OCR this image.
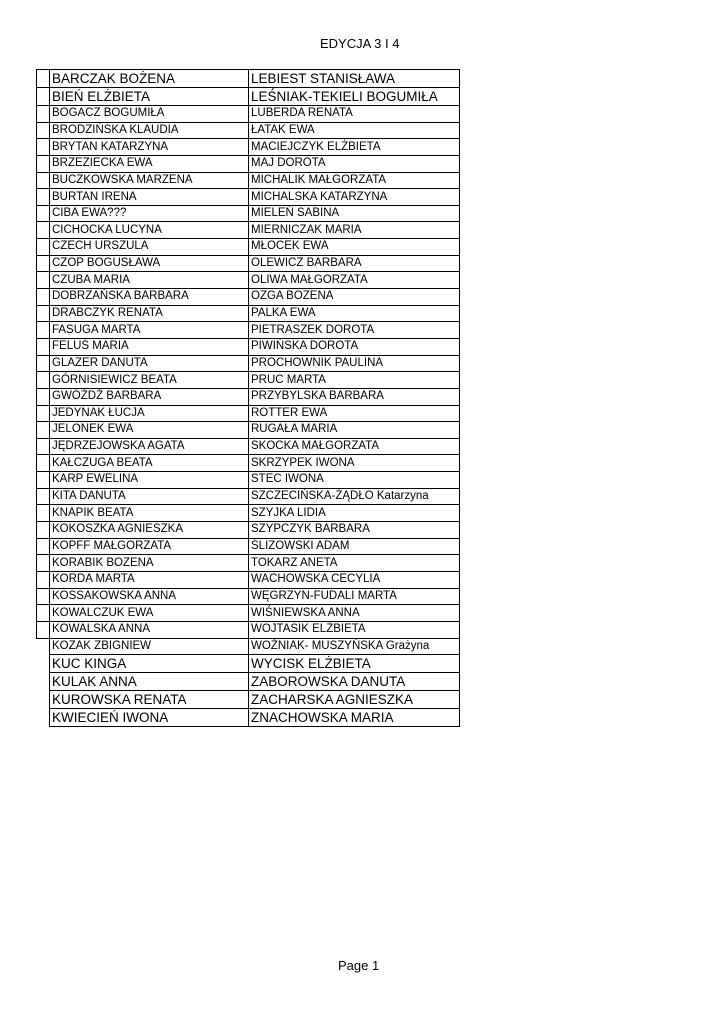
EDYCJA 3 I 4
	BARCZAK BOŻENA	LEBIEST STANISŁAWA
	BIEŃ ELŻBIETA	LEŚNIAK-TEKIELI BOGUMIŁA
	BOGACZ BOGUMIŁA	LUBERDA RENATA
	BRODZIŃSKA KLAUDIA	ŁATAK EWA
	BRYTAN KATARZYNA	MACIEJCZYK ELŻBIETA
	BRZEZIECKA EWA	MAJ DOROTA
	BUCZKOWSKA MARZENA	MICHALIK MAŁGORZATA
	BURTAN IRENA	MICHALSKA KATARZYNA
	CIBA EWA???	MIELEŃ SABINA
	CICHOCKA LUCYNA	MIERNICZAK MARIA
	CZECH URSZULA	MŁOCEK EWA
	CZOP BOGUSŁAWA	OLEWICZ BARBARA
	CZUBA MARIA	OLIWA MAŁGORZATA
	DOBRZAŃSKA BARBARA	OZGA BOZENA
	DRABCZYK RENATA	PALKA EWA
	FASUGA MARTA	PIETRASZEK DOROTA
	FELUŚ MARIA	PIWIŃSKA DOROTA
	GLAZER DANUTA	PROCHOWNIK PAULINA
	GÓRNISIEWICZ BEATA	PRUC MARTA
	GWÓŹDŹ BARBARA	PRZYBYLSKA BARBARA
	JEDYNAK ŁUCJA	ROTTER EWA
	JELONEK EWA	RUGAŁA MARIA
	JĘDRZEJOWSKA AGATA	SKOCKA MAŁGORZATA
	KAŁCZUGA BEATA	SKRZYPEK IWONA
	KARP EWELINA	STEC IWONA
	KITA DANUTA	SZCZECIŃSKA-ŻĄDŁO Katarzyna
	KNAPIK BEATA	SZYJKA LIDIA
	KOKOSZKA AGNIESZKA	SZYPCZYK BARBARA
	KOPFF MAŁGORZATA	ŚLIZOWSKI ADAM
	KORABIK BOZENA	TOKARZ ANETA
	KORDA MARTA	WACHOWSKA CECYLIA
	KOSSAKOWSKA ANNA	WĘGRZYN-FUDALI MARTA
	KOWALCZUK EWA	WIŚNIEWSKA ANNA
	KOWALSKA ANNA	WOJTASIK ELŻBIETA
	KOZAK ZBIGNIEW	WOŹNIAK- MUSZYŃSKA Grażyna
	KUC KINGA	WYCISK ELŻBIETA
	KULAK ANNA	ZABOROWSKA DANUTA
	KUROWSKA RENATA	ZACHARSKA AGNIESZKA
	KWIECIEŃ IWONA	ZNACHOWSKA MARIA
Page 1
